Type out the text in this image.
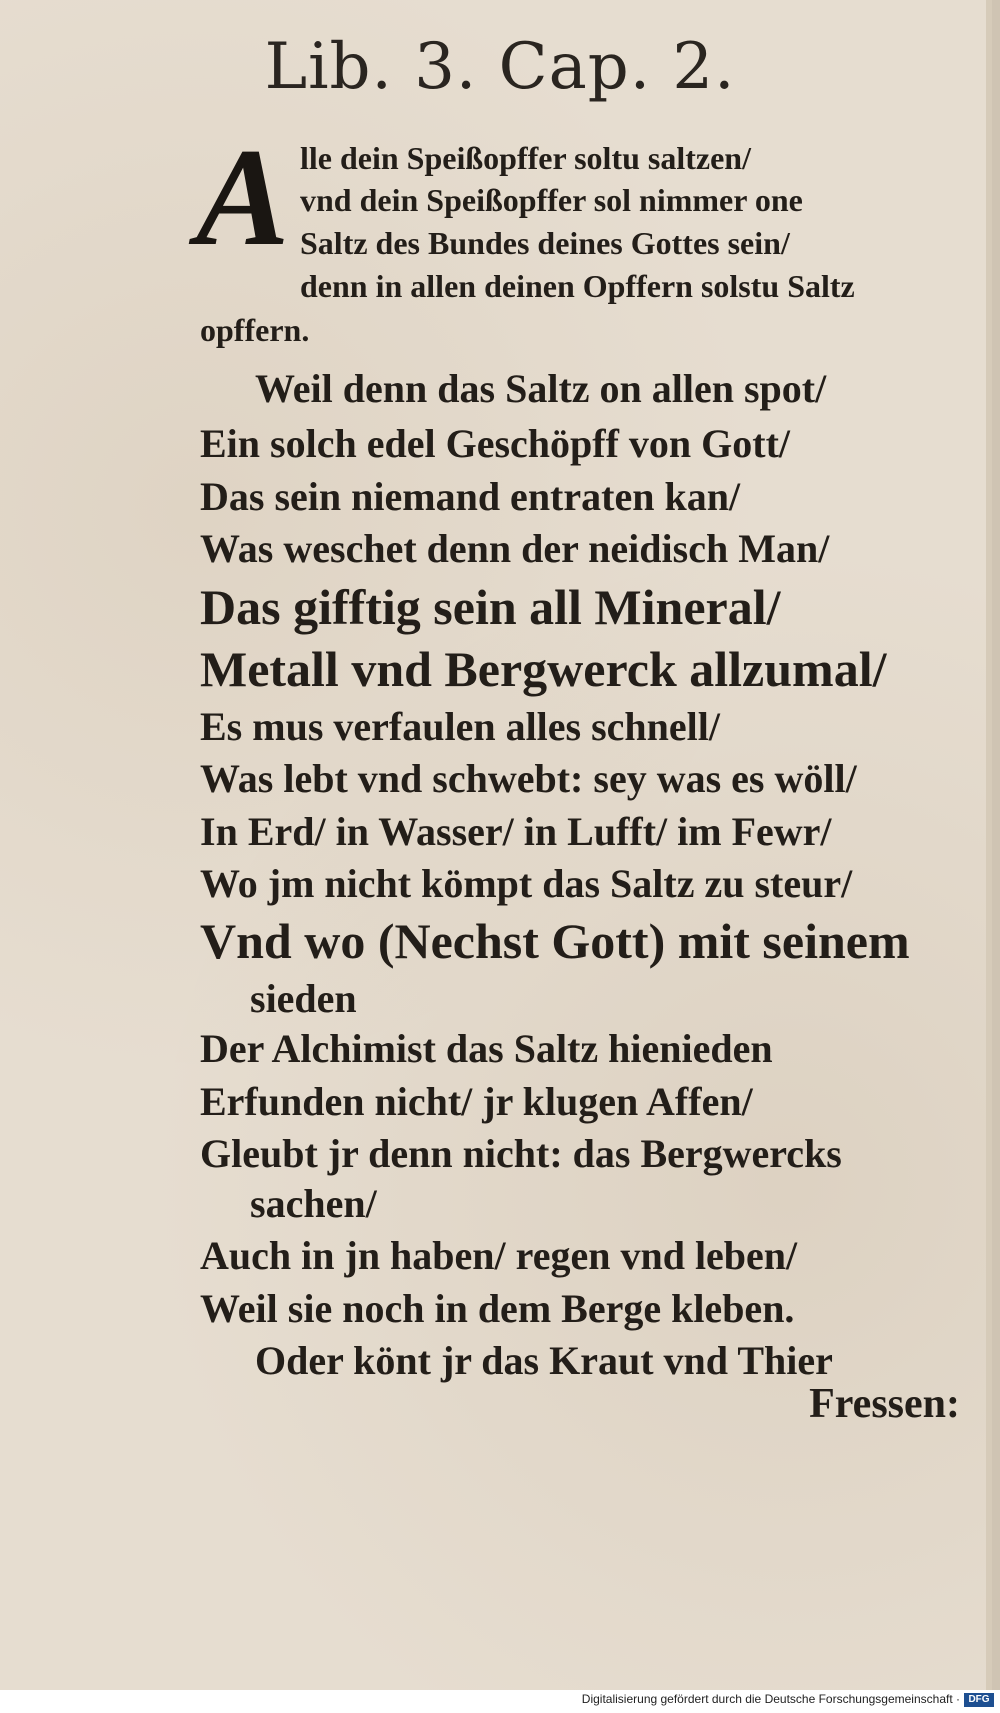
Lib. 3. Cap. 2.
A lle dein Speißopffer soltu saltzen/
vnd dein Speißopffer sol nimmer one
Saltz des Bundes deines Gottes sein/
denn in allen deinen Opffern solstu Saltz
opffern.
Weil denn das Saltz on allen spot/
Ein solch edel Geschöpff von Gott/
Das sein niemand entraten kan/
Was weschet denn der neidisch Man/
Das gifftig sein all Mineral/
Metall vnd Bergwerck allzumal/
Es mus verfaulen alles schnell/
Was lebt vnd schwebt: sey was es wöll/
In Erd/ in Wasser/ in Lufft/ im Fewr/
Wo jm nicht kömpt das Saltz zu steur/
Vnd wo (Nechst Gott) mit seinem
sieden
Der Alchimist das Saltz hienieden
Erfunden nicht/ jr klugen Affen/
Gleubt jr denn nicht: das Bergwercks
sachen/
Auch in jn haben/ regen vnd leben/
Weil sie noch in dem Berge kleben.
Oder könt jr das Kraut vnd Thier
Fressen:
Digitalisierung gefördert durch die Deutsche Forschungsgemeinschaft · DFG
